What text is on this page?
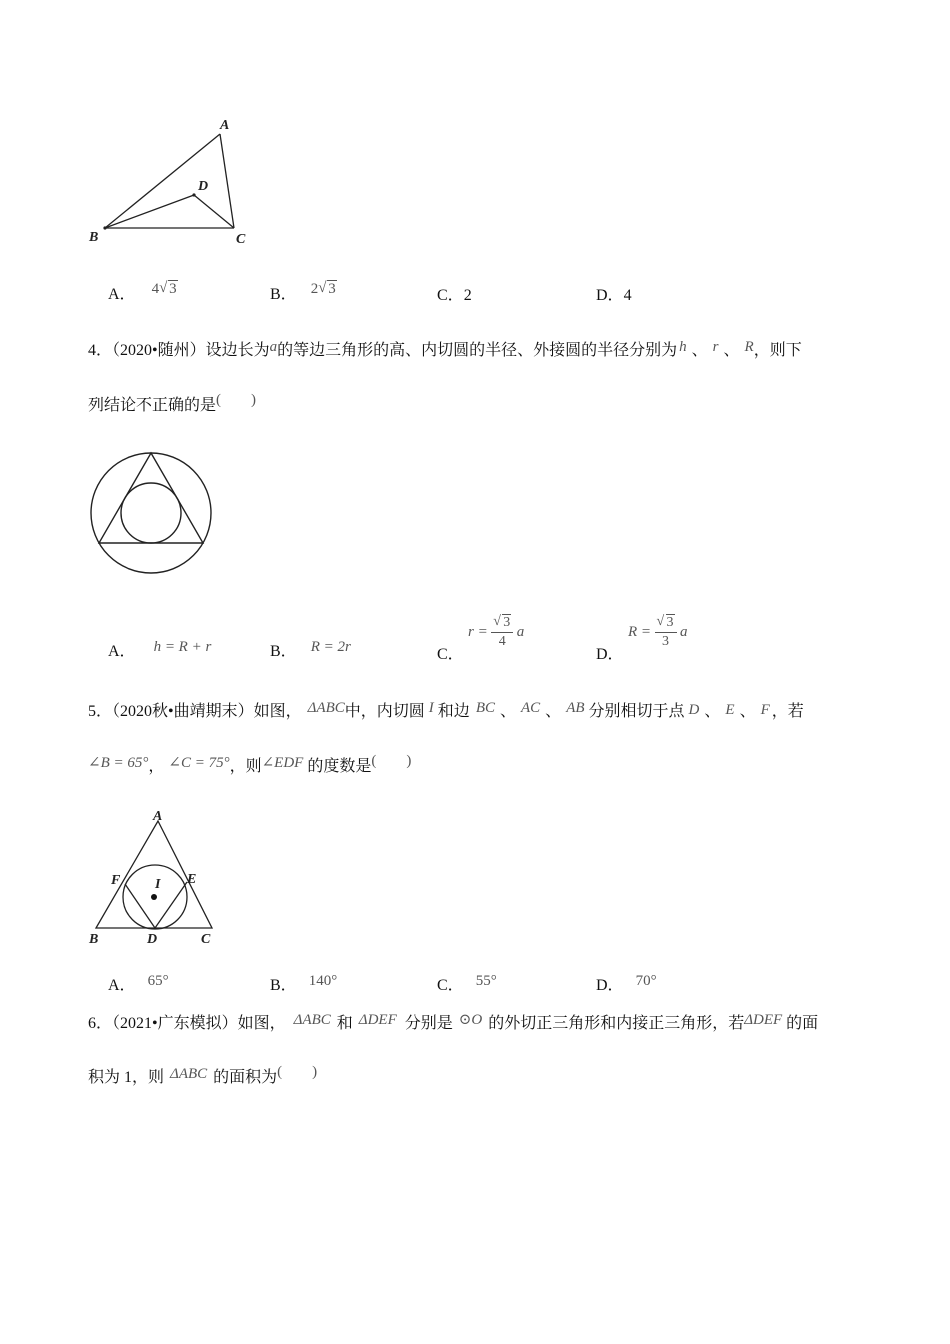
A
D
B	C
A． 4 √ 3	B． 2 √ 3	C．2	D．4
4．（2020•随州）设边长为a的等边三角形的高、内切圆的半径、外接圆的半径分别为 h 、 r 、 R，则下
列结论不正确的是(　　)
A． h = R + r	B． R = 2r	C．
r = √ $\frac{3}{4}$ a
D．
R = √ $\frac{3}{3}$ a
5．（2020秋•曲靖期末）如图， ΔABC中，内切圆 I 和边 BC 、 AC 、 AB 分别相切于点 D 、 E 、 F ，若
∠B = 65°， ∠C = 75°，则∠EDF 的度数是(　　)
A
F I E
B	D	C
A． 65°	B． 140°	C． 55°	D． 70°
6．（2021•广东模拟）如图， ΔABC 和 ΔDEF 分别是 ⊙O 的外切正三角形和内接正三角形，若ΔDEF 的面
积为 1，则 ΔABC 的面积为(　　)
